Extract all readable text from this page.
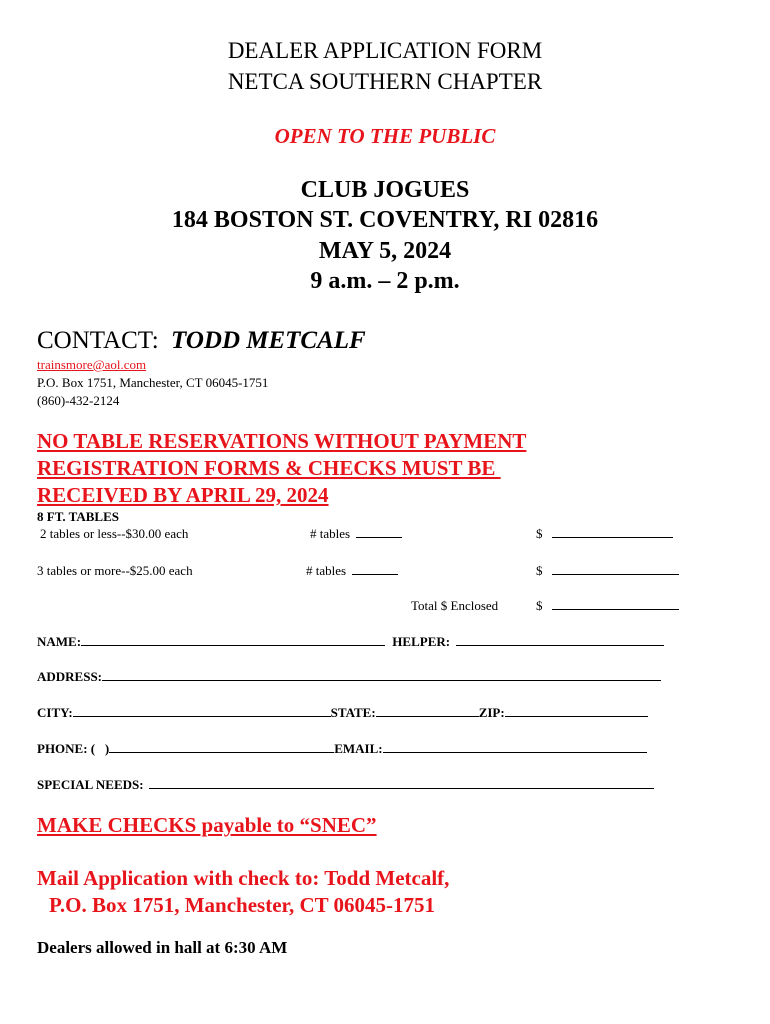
DEALER APPLICATION FORM
NETCA SOUTHERN CHAPTER
OPEN TO THE PUBLIC
CLUB JOGUES
184 BOSTON ST. COVENTRY, RI 02816
MAY 5, 2024
9 a.m. – 2 p.m.
CONTACT: TODD METCALF
trainsmore@aol.com
P.O. Box 1751, Manchester, CT 06045-1751
(860)-432-2124
NO TABLE RESERVATIONS WITHOUT PAYMENT
REGISTRATION FORMS & CHECKS MUST BE
RECEIVED BY APRIL 29, 2024
8 FT. TABLES
2 tables or less--$30.00 each	# tables	$
3 tables or more--$25.00 each	# tables	$
Total $ Enclosed	$
NAME:	HELPER:
ADDRESS:
CITY:	STATE:	ZIP:
PHONE: (   )	EMAIL:
SPECIAL NEEDS:
MAKE CHECKS payable to “SNEC”
Mail Application with check to: Todd Metcalf,
P.O. Box 1751, Manchester, CT 06045-1751
Dealers allowed in hall at 6:30 AM
